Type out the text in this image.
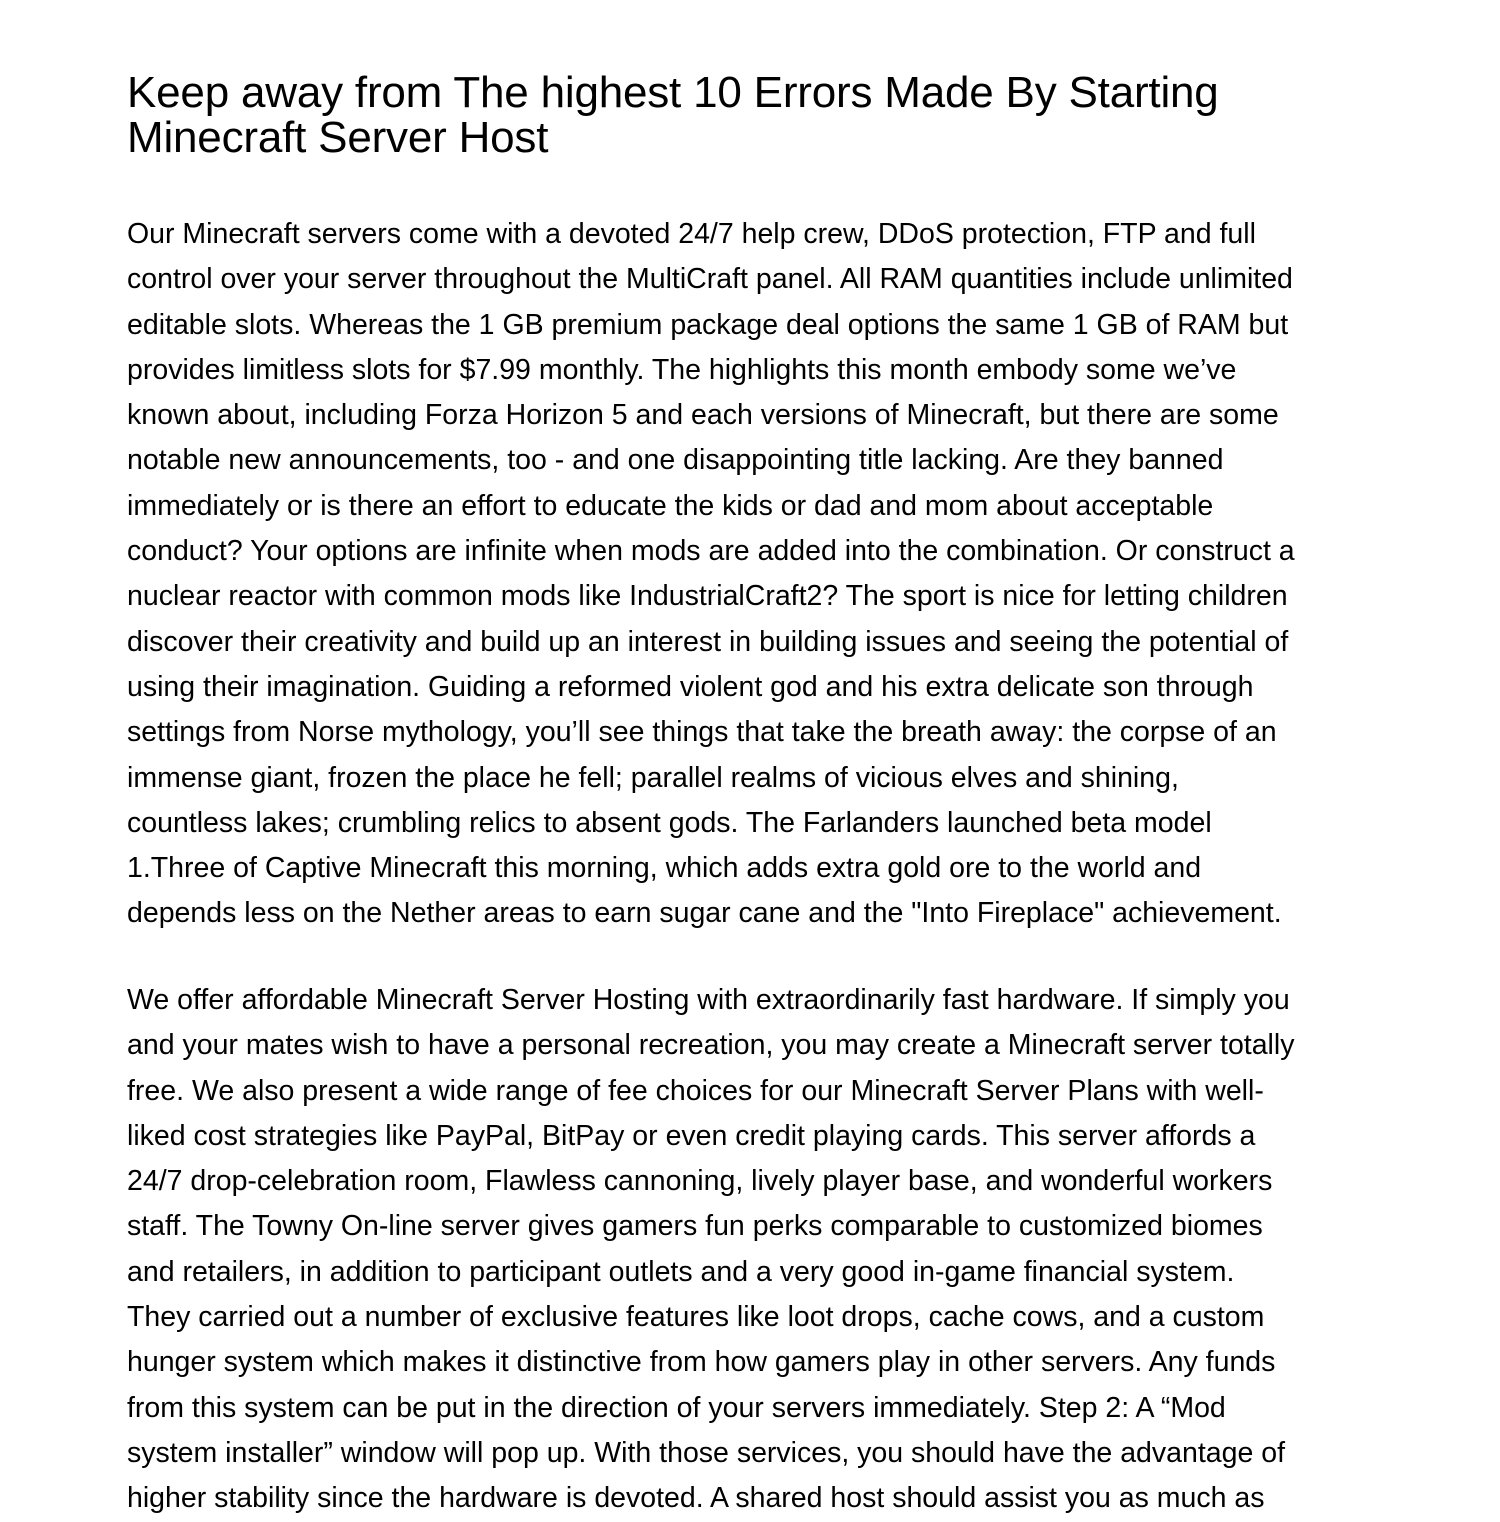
Keep away from The highest 10 Errors Made By Starting
Minecraft Server Host

Our Minecraft servers come with a devoted 24/7 help crew, DDoS protection, FTP and full
control over your server throughout the MultiCraft panel. All RAM quantities include unlimited
editable slots. Whereas the 1 GB premium package deal options the same 1 GB of RAM but
provides limitless slots for $7.99 monthly. The highlights this month embody some we’ve
known about, including Forza Horizon 5 and each versions of Minecraft, but there are some
notable new announcements, too - and one disappointing title lacking. Are they banned
immediately or is there an effort to educate the kids or dad and mom about acceptable
conduct? Your options are infinite when mods are added into the combination. Or construct a
nuclear reactor with common mods like IndustrialCraft2? The sport is nice for letting children
discover their creativity and build up an interest in building issues and seeing the potential of
using their imagination. Guiding a reformed violent god and his extra delicate son through
settings from Norse mythology, you’ll see things that take the breath away: the corpse of an
immense giant, frozen the place he fell; parallel realms of vicious elves and shining,
countless lakes; crumbling relics to absent gods. The Farlanders launched beta model
1.Three of Captive Minecraft this morning, which adds extra gold ore to the world and
depends less on the Nether areas to earn sugar cane and the "Into Fireplace" achievement.

We offer affordable Minecraft Server Hosting with extraordinarily fast hardware. If simply you
and your mates wish to have a personal recreation, you may create a Minecraft server totally
free. We also present a wide range of fee choices for our Minecraft Server Plans with well-
liked cost strategies like PayPal, BitPay or even credit playing cards. This server affords a
24/7 drop-celebration room, Flawless cannoning, lively player base, and wonderful workers
staff. The Towny On-line server gives gamers fun perks comparable to customized biomes
and retailers, in addition to participant outlets and a very good in-game financial system.
They carried out a number of exclusive features like loot drops, cache cows, and a custom
hunger system which makes it distinctive from how gamers play in other servers. Any funds
from this system can be put in the direction of your servers immediately. Step 2: A “Mod
system installer” window will pop up. With those services, you should have the advantage of
higher stability since the hardware is devoted. A shared host should assist you as much as
